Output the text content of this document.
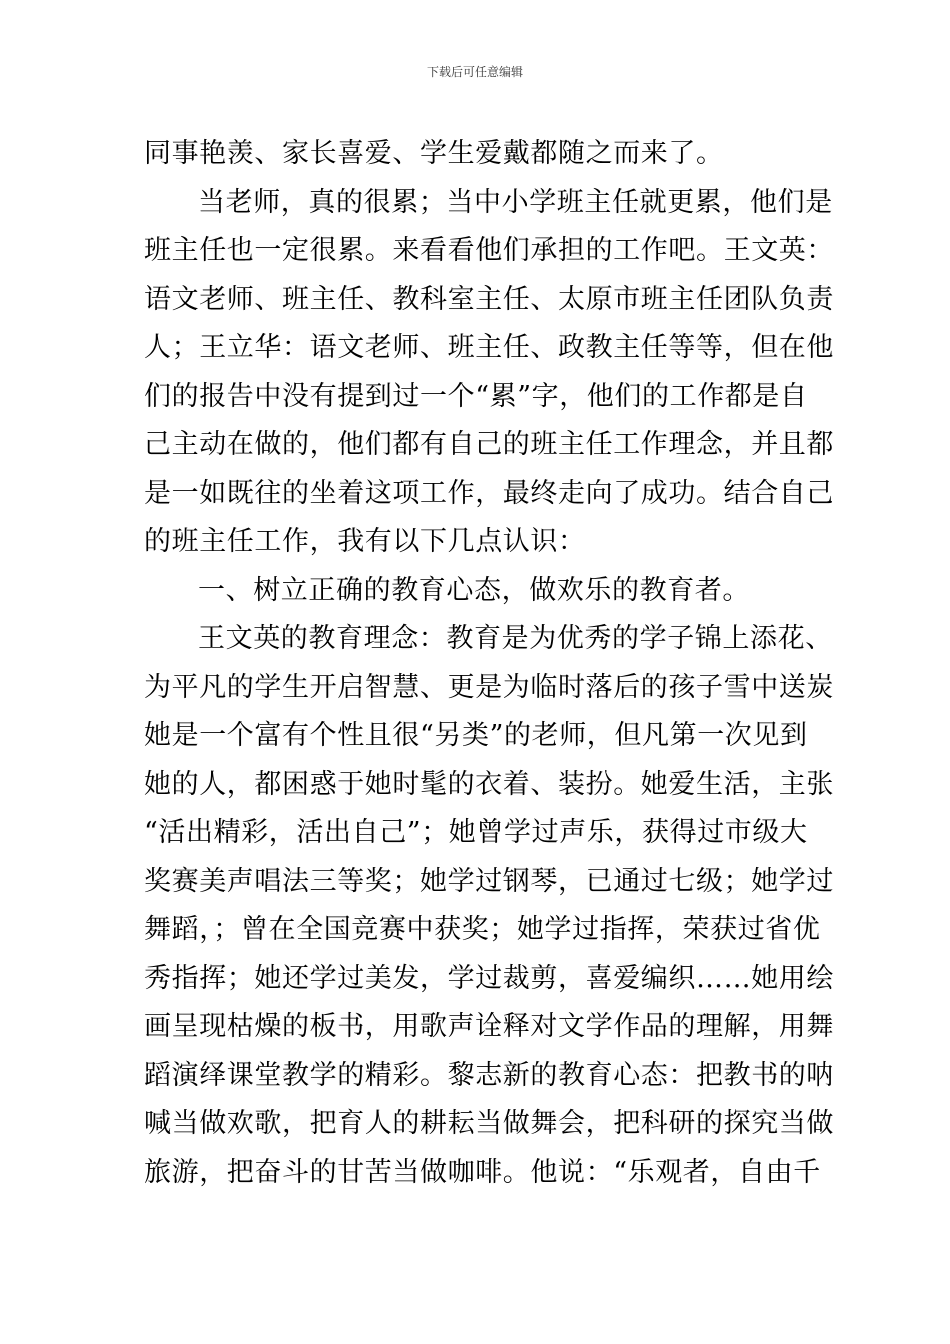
下载后可任意编辑
同事艳羡、家长喜爱、学生爱戴都随之而来了。
当老师，真的很累；当中小学班主任就更累，他们是
班主任也一定很累。来看看他们承担的工作吧。王文英：
语文老师、班主任、教科室主任、太原市班主任团队负责
人；王立华：语文老师、班主任、政教主任等等，但在他
们的报告中没有提到过一个“累”字，他们的工作都是自
己主动在做的，他们都有自己的班主任工作理念，并且都
是一如既往的坐着这项工作，最终走向了成功。结合自己
的班主任工作，我有以下几点认识：
一、树立正确的教育心态，做欢乐的教育者。
王文英的教育理念：教育是为优秀的学子锦上添花、
为平凡的学生开启智慧、更是为临时落后的孩子雪中送炭
她是一个富有个性且很“另类”的老师，但凡第一次见到
她的人，都困惑于她时髦的衣着、装扮。她爱生活，主张
“活出精彩，活出自己”；她曾学过声乐，获得过市级大
奖赛美声唱法三等奖；她学过钢琴，已通过七级；她学过
舞蹈，；曾在全国竞赛中获奖；她学过指挥，荣获过省优
秀指挥；她还学过美发，学过裁剪，喜爱编织……她用绘
画呈现枯燥的板书，用歌声诠释对文学作品的理解，用舞
蹈演绎课堂教学的精彩。黎志新的教育心态：把教书的呐
喊当做欢歌，把育人的耕耘当做舞会，把科研的探究当做
旅游，把奋斗的甘苦当做咖啡。他说：“乐观者，自由千
